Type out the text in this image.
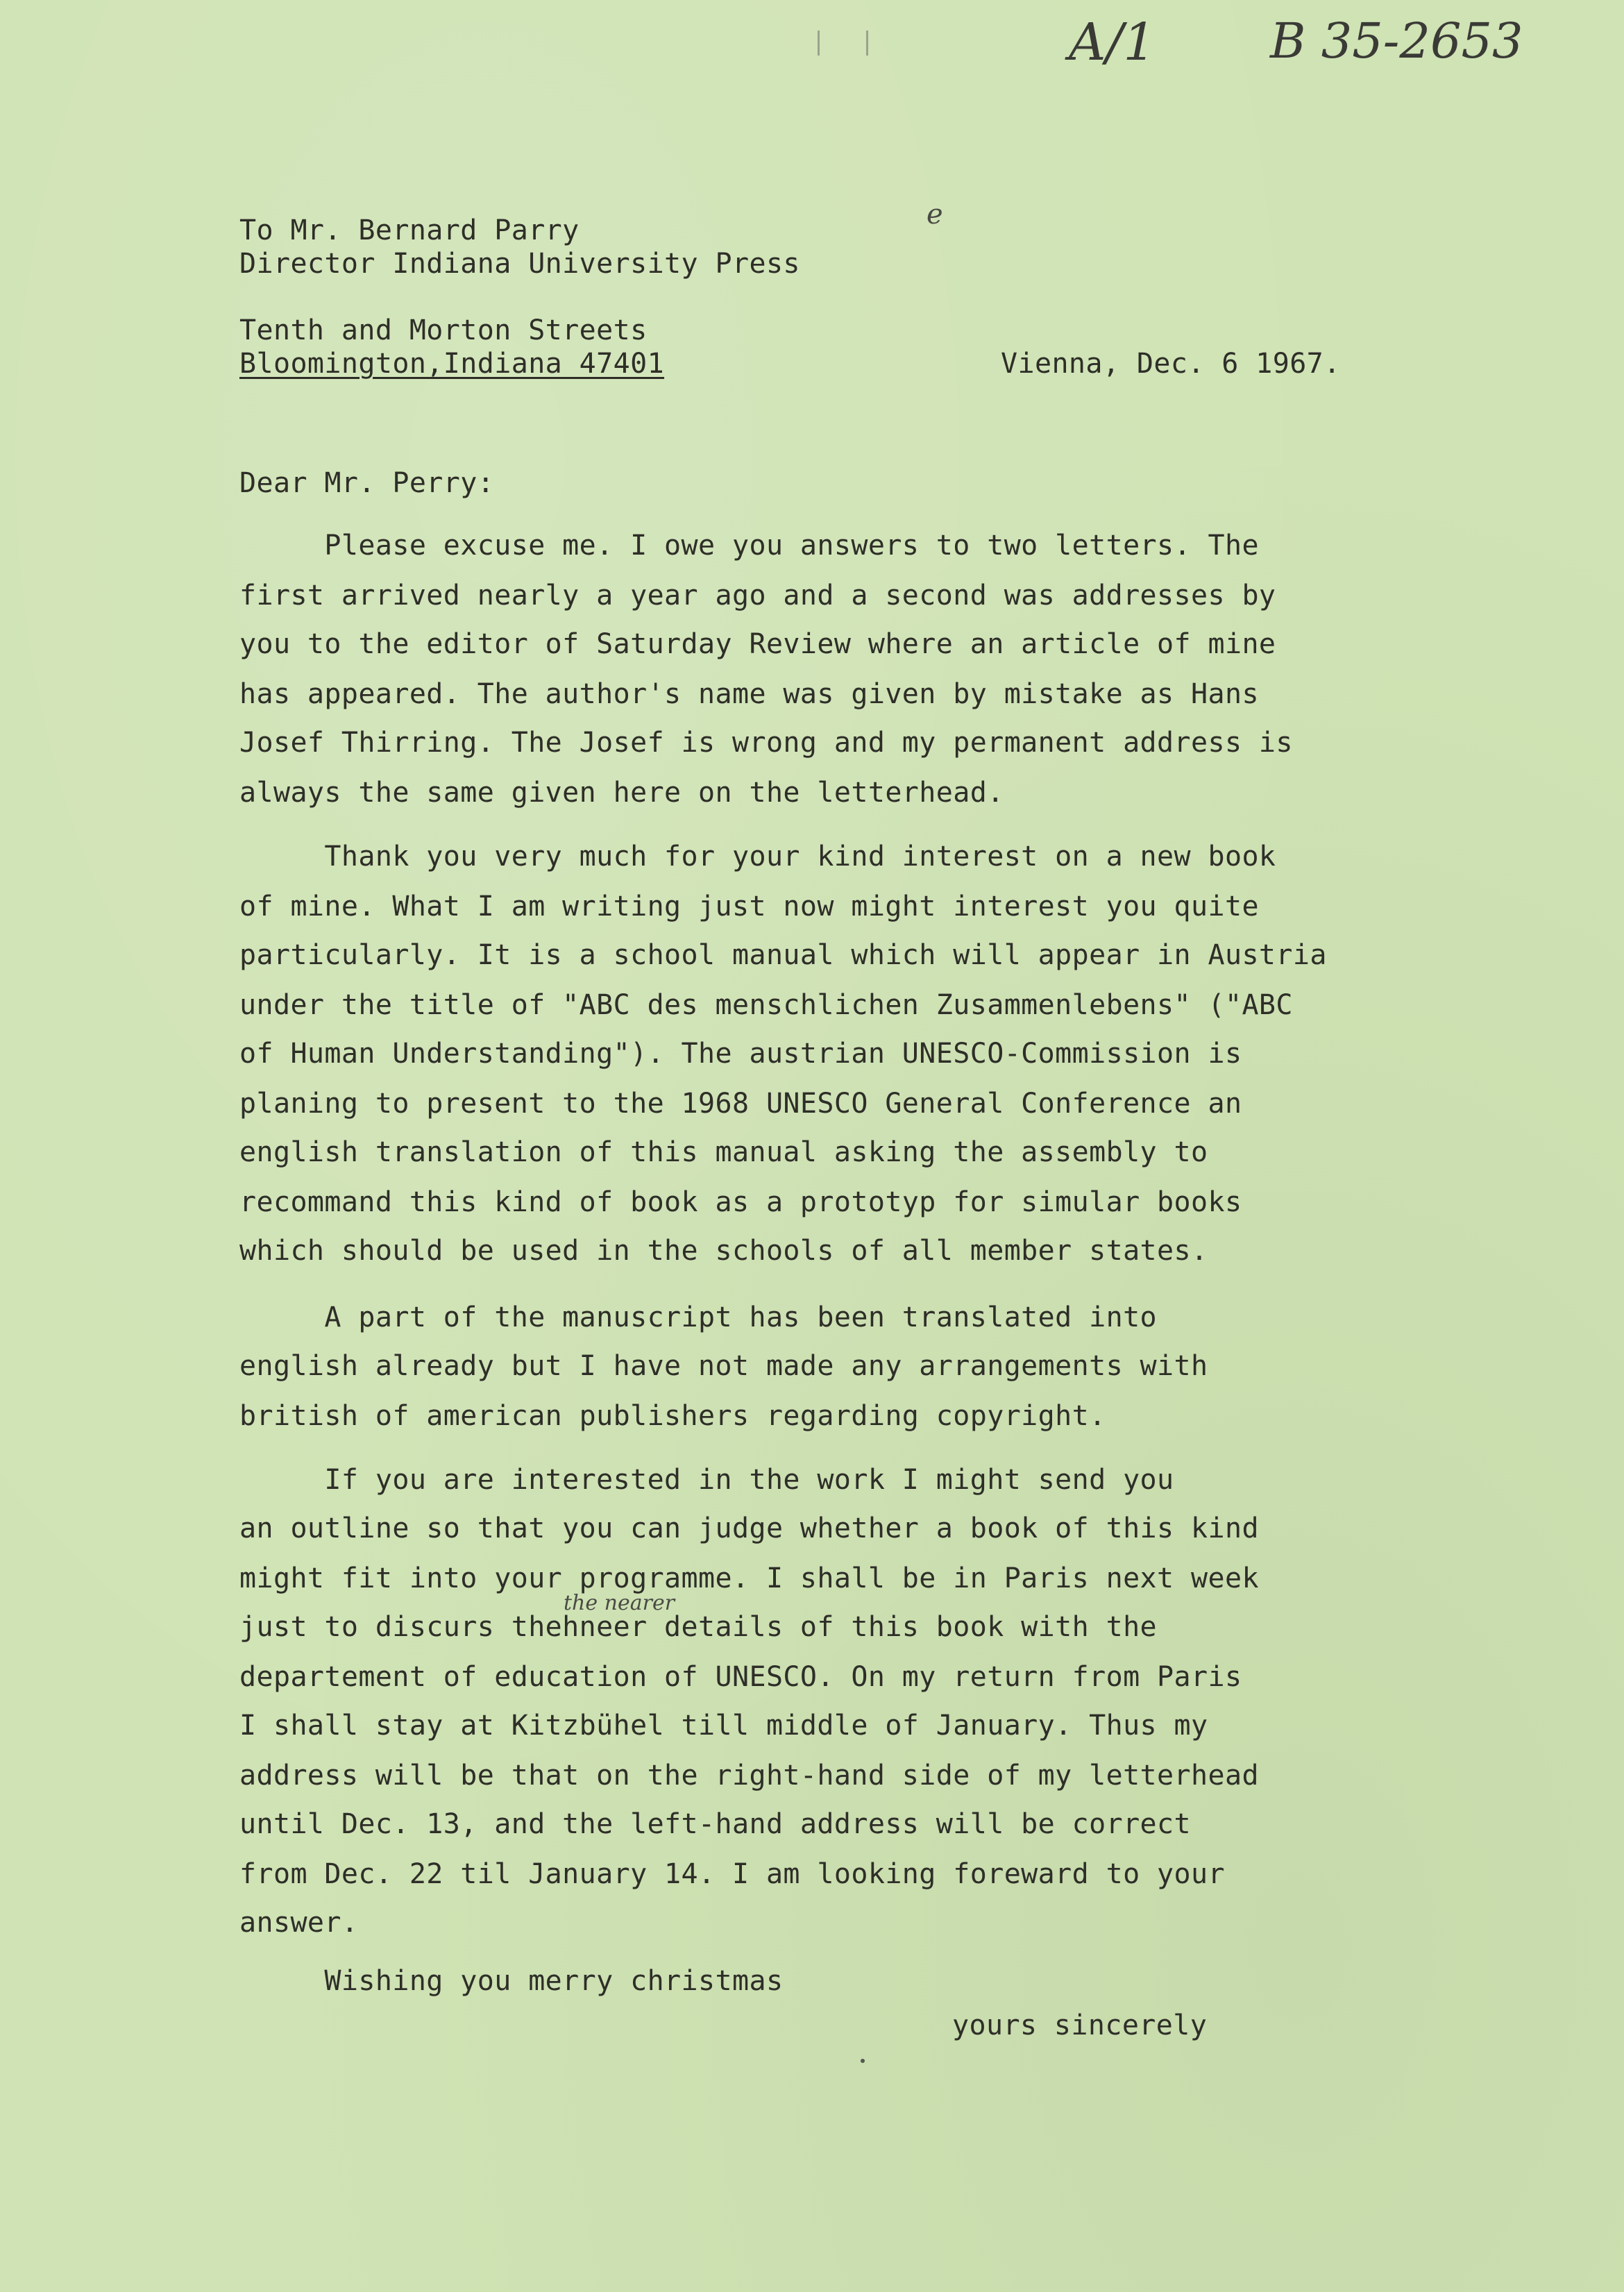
A/1 B 35-2653
e
To Mr. Bernard Parry
Director Indiana University Press
Tenth and Morton Streets
Bloomington,Indiana 47401	Vienna, Dec. 6 1967.
Dear Mr. Perry:
Please excuse me. I owe you answers to two letters. The
first arrived nearly a year ago and a second was addresses by
you to the editor of Saturday Review where an article of mine
has appeared. The author's name was given by mistake as Hans
Josef Thirring. The Josef is wrong and my permanent address is
always the same given here on the letterhead.
Thank you very much for your kind interest on a new book
of mine. What I am writing just now might interest you quite
particularly. It is a school manual which will appear in Austria
under the title of "ABC des menschlichen Zusammenlebens" ("ABC
of Human Understanding"). The austrian UNESCO-Commission is
planing to present to the 1968 UNESCO General Conference an
english translation of this manual asking the assembly to
recommand this kind of book as a prototyp for simular books
which should be used in the schools of all member states.
A part of the manuscript has been translated into
english already but I have not made any arrangements with
british of american publishers regarding copyright.
If you are interested in the work I might send you
an outline so that you can judge whether a book of this kind
might fit into your programme. I shall be in Paris next week
the nearer
just to discurs thehneer details of this book with the
departement of education of UNESCO. On my return from Paris
I shall stay at Kitzbühel till middle of January. Thus my
address will be that on the right-hand side of my letterhead
until Dec. 13, and the left-hand address will be correct
from Dec. 22 til January 14. I am looking foreward to your
answer.
Wishing you merry christmas
yours sincerely
